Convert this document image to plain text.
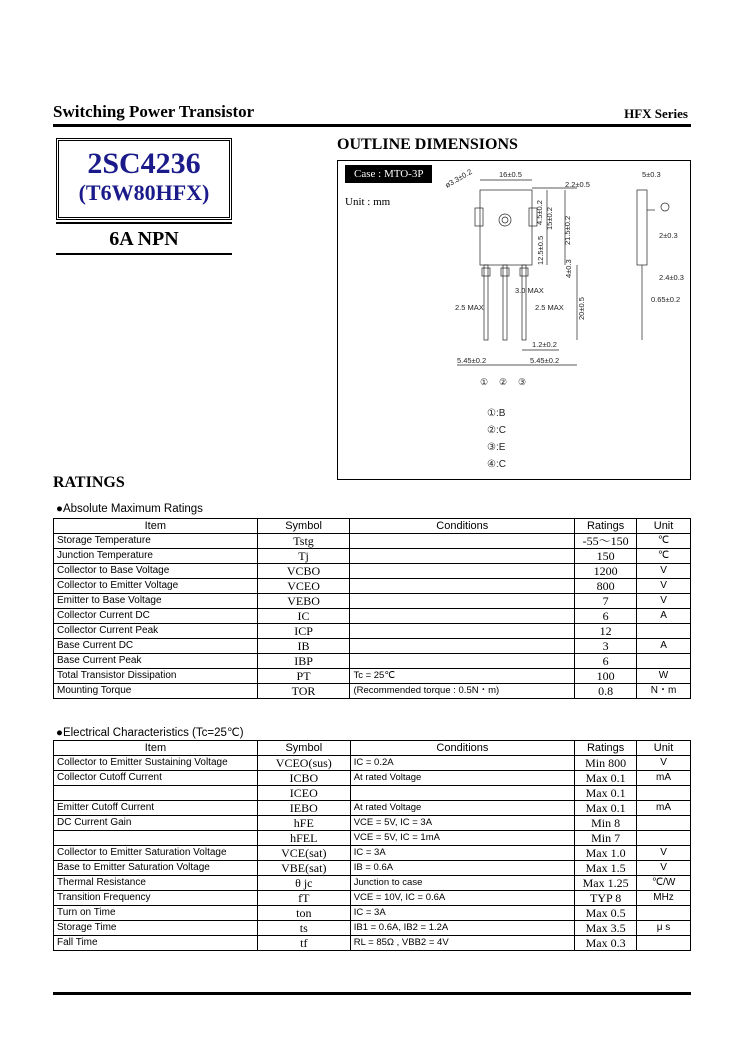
Switching Power Transistor	HFX Series
2SC4236
(T6W80HFX)
6A NPN
OUTLINE DIMENSIONS
Case : MTO-3P
Unit : mm
16±0.5
2.2±0.5
5±0.3
ø3.3±0.2
15±0.2 21.5±0.2
12.5±0.5
4.5±0.2
2±0.3
4±0.3
3.0 MAX
2.4±0.3
2.5 MAX	2.5 MAX 20±0.5	0.65±0.2
1.2±0.2
5.45±0.2	5.45±0.2
① ② ③
①:B
②:C
③:E
④:C
RATINGS
●Absolute Maximum Ratings
Item	Symbol	Conditions	Ratings	Unit
Storage Temperature	Tstg		-55～150	℃
Junction Temperature	Tj		150	℃
Collector to Base Voltage	VCBO		1200	V
Collector to Emitter Voltage	VCEO		800	V
Emitter to Base Voltage	VEBO		7	V
Collector Current DC	IC		6	A
Collector Current Peak	ICP		12	
Base Current DC	IB		3	A
Base Current Peak	IBP		6	
Total Transistor Dissipation	PT	Tc = 25℃	100	W
Mounting Torque	TOR	(Recommended torque : 0.5N・m)	0.8	N・m
●Electrical Characteristics (Tc=25℃)
Item	Symbol	Conditions	Ratings	Unit
Collector to Emitter Sustaining Voltage	VCEO(sus)	IC = 0.2A	Min 800	V
Collector Cutoff Current	ICBO	At rated Voltage	Max 0.1	mA
	ICEO		Max 0.1	
Emitter Cutoff Current	IEBO	At rated Voltage	Max 0.1	mA
DC Current Gain	hFE	VCE = 5V, IC = 3A	Min 8	
	hFEL	VCE = 5V, IC = 1mA	Min 7	
Collector to Emitter Saturation Voltage	VCE(sat)	IC = 3A	Max 1.0	V
Base to Emitter Saturation Voltage	VBE(sat)	IB = 0.6A	Max 1.5	V
Thermal Resistance	θ jc	Junction to case	Max 1.25	℃/W
Transition Frequency	fT	VCE = 10V, IC = 0.6A	TYP 8	MHz
Turn on Time	ton	IC = 3A	Max 0.5	
Storage Time	ts	IB1 = 0.6A, IB2 = 1.2A	Max 3.5	μ s
Fall Time	tf	RL = 85Ω , VBB2 = 4V	Max 0.3	
